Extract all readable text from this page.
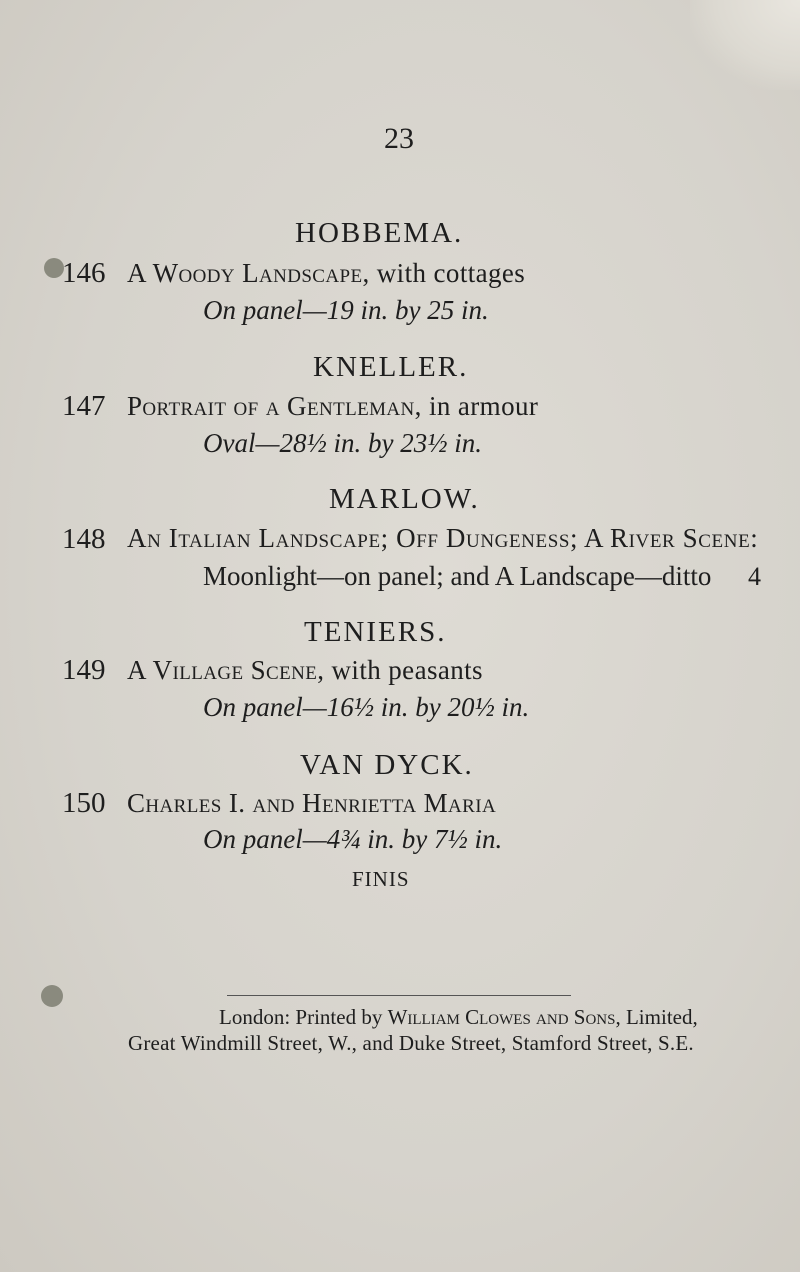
23
HOBBEMA.
146 A Woody Landscape, with cottages
On panel—19 in. by 25 in.
KNELLER.
147 Portrait of a Gentleman, in armour
Oval—28½ in. by 23½ in.
MARLOW.
148 An Italian Landscape; Off Dungeness; A River Scene:
Moonlight—on panel; and A Landscape—ditto 4
TENIERS.
149 A Village Scene, with peasants
On panel—16½ in. by 20½ in.
VAN DYCK.
150 Charles I. and Henrietta Maria
On panel—4¾ in. by 7½ in.
FINIS
London: Printed by William Clowes and Sons, Limited,
Great Windmill Street, W., and Duke Street, Stamford Street, S.E.
